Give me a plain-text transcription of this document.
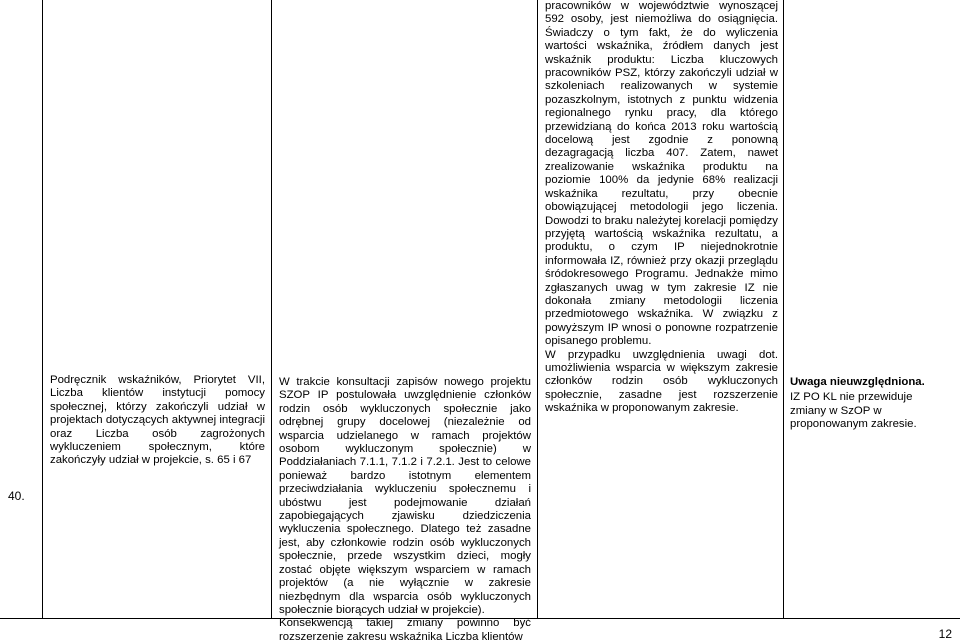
40.

Podręcznik wskaźników, Priorytet VII, Liczba klientów instytucji pomocy społecznej, którzy zakończyli udział w projektach dotyczących aktywnej integracji oraz Liczba osób zagrożonych wykluczeniem społecznym, które zakończyły udział w projekcie, s. 65 i 67

W trakcie konsultacji zapisów nowego projektu SZOP IP postulowała uwzględnienie członków rodzin osób wykluczonych społecznie jako odrębnej grupy docelowej (niezależnie od wsparcia udzielanego w ramach projektów osobom wykluczonym społecznie) w Poddziałaniach 7.1.1, 7.1.2 i 7.2.1. Jest to celowe ponieważ bardzo istotnym elementem przeciwdziałania wykluczeniu społecznemu i ubóstwu jest podejmowanie działań zapobiegających zjawisku dziedziczenia wykluczenia społecznego. Dlatego też zasadne jest, aby członkowie rodzin osób wykluczonych społecznie, przede wszystkim dzieci, mogły zostać objęte większym wsparciem w ramach projektów (a nie wyłącznie w zakresie niezbędnym dla wsparcia osób wykluczonych społecznie biorących udział w projekcie).

Konsekwencją takiej zmiany powinno być rozszerzenie zakresu wskaźnika Liczba klientów

pracowników w województwie wynoszącej 592 osoby, jest niemożliwa do osiągnięcia. Świadczy o tym fakt, że do wyliczenia wartości wskaźnika, źródłem danych jest wskaźnik produktu: Liczba kluczowych pracowników PSZ, którzy zakończyli udział w szkoleniach realizowanych w systemie pozaszkolnym, istotnych z punktu widzenia regionalnego rynku pracy, dla którego przewidzianą do końca 2013 roku wartością docelową jest zgodnie z ponowną dezagragacją liczba 407. Zatem, nawet zrealizowanie wskaźnika produktu na poziomie 100% da jedynie 68% realizacji wskaźnika rezultatu, przy obecnie obowiązującej metodologii jego liczenia. Dowodzi to braku należytej korelacji pomiędzy przyjętą wartością wskaźnika rezultatu, a produktu, o czym IP niejednokrotnie informowała IZ, również przy okazji przeglądu śródokresowego Programu. Jednakże mimo zgłaszanych uwag w tym zakresie IZ nie dokonała zmiany metodologii liczenia przedmiotowego wskaźnika. W związku z powyższym IP wnosi o ponowne rozpatrzenie opisanego problemu.

W przypadku uwzględnienia uwagi dot. umożliwienia wsparcia w większym zakresie członków rodzin osób wykluczonych społecznie, zasadne jest rozszerzenie wskaźnika w proponowanym zakresie.

Uwaga nieuwzględniona.

IZ PO KL nie przewiduje zmiany w SzOP w proponowanym zakresie.

12
